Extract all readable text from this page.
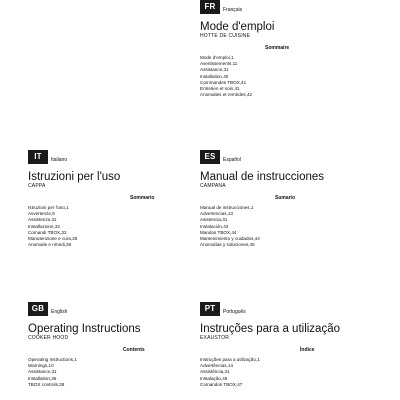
FR	Français
Mode d'emploi
HOTTE DE CUISINE
Sommaire
Mode d'emploi,1
Avertissements,11
Assistance,31
Installation,40
Commandes TBOX,41
Entretien et soin,41
Anomalies et remèdes,42
IT	Italiano
Istruzioni per l'uso
CAPPA
Sommario
Istruzioni per l'uso,1
Avvertenze,9
Assistenza,31
Installazione,32
Comandi TBOX,33
Manutenzione e cura,35
Anomalie e rimedi,36
ES	Español
Manual de instrucciones
CAMPANA
Sumario
Manual de instrucciones,1
Advertencias,13
Asistencia,31
Instalación,43
Mandos TBOX,44
Mantenimiento y cuidados,44
Anomalías y soluciones,45
GB	English
Operating Instructions
COOKER HOOD
Contents
Operating Instructions,1
Warnings,10
Assistance,31
Installation,36
TBOX controls,38
PT	Português
Instruções para a utilização
EXAUSTOR
Índice
Instruções para a utilização,1
Advertências,14
Assistência,31
Instalação,46
Comandos TBOX,47
